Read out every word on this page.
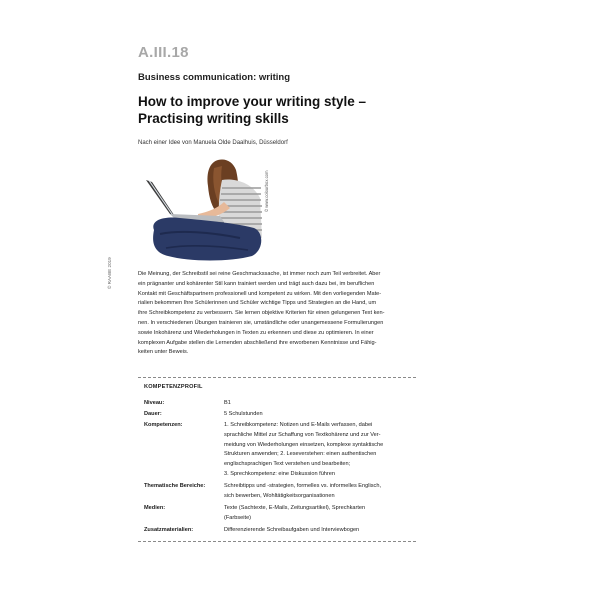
A.III.18
Business communication: writing
How to improve your writing style –
Practising writing skills
Nach einer Idee von Manuela Olde Daalhuis, Düsseldorf
© www.colourbox.com
© RAABE 2019	Die Meinung, der Schreibstil sei reine Geschmackssache, ist immer noch zum Teil verbreitet. Aber
ein prägnanter und kohärenter Stil kann trainiert werden und trägt auch dazu bei, im beruflichen
Kontakt mit Geschäftspartnern professionell und kompetent zu wirken. Mit den vorliegenden Mate-
rialien bekommen Ihre Schülerinnen und Schüler wichtige Tipps und Strategien an die Hand, um
ihre Schreibkompetenz zu verbessern. Sie lernen objektive Kriterien für einen gelungenen Text ken-
nen. In verschiedenen Übungen trainieren sie, umständliche oder unangemessene Formulierungen
sowie Inkohärenz und Wiederholungen in Texten zu erkennen und diese zu optimieren. In einer
komplexen Aufgabe stellen die Lernenden abschließend ihre erworbenen Kenntnisse und Fähig-
keiten unter Beweis.
KOMPETENZPROFIL
Niveau:	B1
Dauer:	5 Schulstunden
Kompetenzen:	1. Schreibkompetenz: Notizen und E-Mails verfassen, dabei
sprachliche Mittel zur Schaffung von Textkohärenz und zur Ver-
meidung von Wiederholungen einsetzen, komplexe syntaktische
Strukturen anwenden; 2. Leseverstehen: einen authentischen
englischsprachigen Text verstehen und bearbeiten;
3. Sprechkompetenz: eine Diskussion führen
Thematische Bereiche:	Schreibtipps und -strategien, formelles vs. informelles Englisch,
sich bewerben, Wohltätigkeitsorganisationen
Medien:	Texte (Sachtexte, E-Mails, Zeitungsartikel), Sprechkarten
(Farbseite)
Zusatzmaterialien:	Differenzierende Schreibaufgaben und Interviewbogen
